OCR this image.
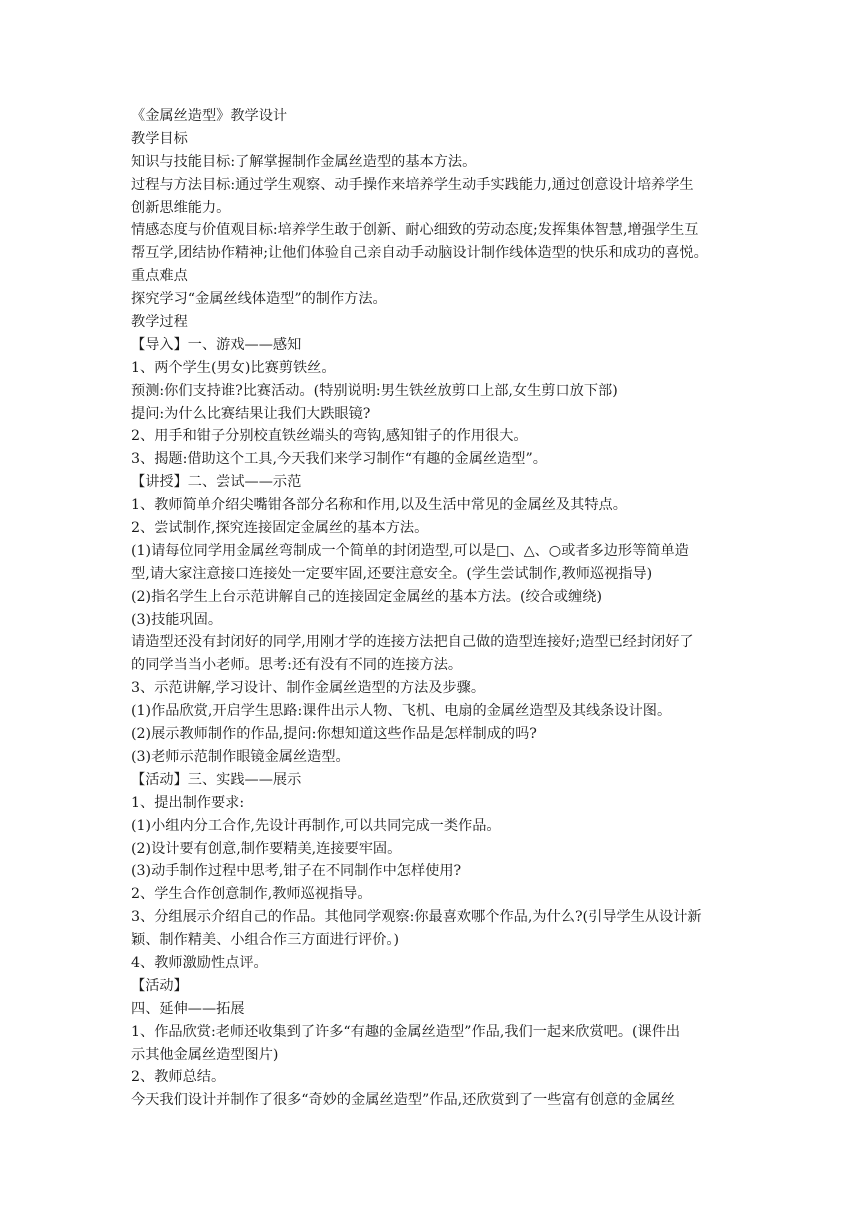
《金属丝造型》教学设计
教学目标
知识与技能目标:了解掌握制作金属丝造型的基本方法。
过程与方法目标:通过学生观察、动手操作来培养学生动手实践能力,通过创意设计培养学生
创新思维能力。
情感态度与价值观目标:培养学生敢于创新、耐心细致的劳动态度;发挥集体智慧,增强学生互
帮互学,团结协作精神;让他们体验自己亲自动手动脑设计制作线体造型的快乐和成功的喜悦。
重点难点
探究学习“金属丝线体造型”的制作方法。
教学过程
【导入】一、游戏——感知
1、两个学生(男女)比赛剪铁丝。
预测:你们支持谁?比赛活动。(特别说明:男生铁丝放剪口上部,女生剪口放下部)
提问:为什么比赛结果让我们大跌眼镜?
2、用手和钳子分别校直铁丝端头的弯钩,感知钳子的作用很大。
3、揭题:借助这个工具,今天我们来学习制作“有趣的金属丝造型”。
【讲授】二、尝试——示范
1、教师简单介绍尖嘴钳各部分名称和作用,以及生活中常见的金属丝及其特点。
2、尝试制作,探究连接固定金属丝的基本方法。
(1)请每位同学用金属丝弯制成一个简单的封闭造型,可以是□、△、○或者多边形等简单造
型,请大家注意接口连接处一定要牢固,还要注意安全。(学生尝试制作,教师巡视指导)
(2)指名学生上台示范讲解自己的连接固定金属丝的基本方法。(绞合或缠绕)
(3)技能巩固。
请造型还没有封闭好的同学,用刚才学的连接方法把自己做的造型连接好;造型已经封闭好了
的同学当当小老师。思考:还有没有不同的连接方法。
3、示范讲解,学习设计、制作金属丝造型的方法及步骤。
(1)作品欣赏,开启学生思路:课件出示人物、飞机、电扇的金属丝造型及其线条设计图。
(2)展示教师制作的作品,提问:你想知道这些作品是怎样制成的吗?
(3)老师示范制作眼镜金属丝造型。
【活动】三、实践——展示
1、提出制作要求:
(1)小组内分工合作,先设计再制作,可以共同完成一类作品。
(2)设计要有创意,制作要精美,连接要牢固。
(3)动手制作过程中思考,钳子在不同制作中怎样使用?
2、学生合作创意制作,教师巡视指导。
3、分组展示介绍自己的作品。其他同学观察:你最喜欢哪个作品,为什么?(引导学生从设计新
颖、制作精美、小组合作三方面进行评价。)
4、教师激励性点评。
【活动】
四、延伸——拓展
1、作品欣赏:老师还收集到了许多“有趣的金属丝造型”作品,我们一起来欣赏吧。(课件出
示其他金属丝造型图片)
2、教师总结。
今天我们设计并制作了很多“奇妙的金属丝造型”作品,还欣赏到了一些富有创意的金属丝
